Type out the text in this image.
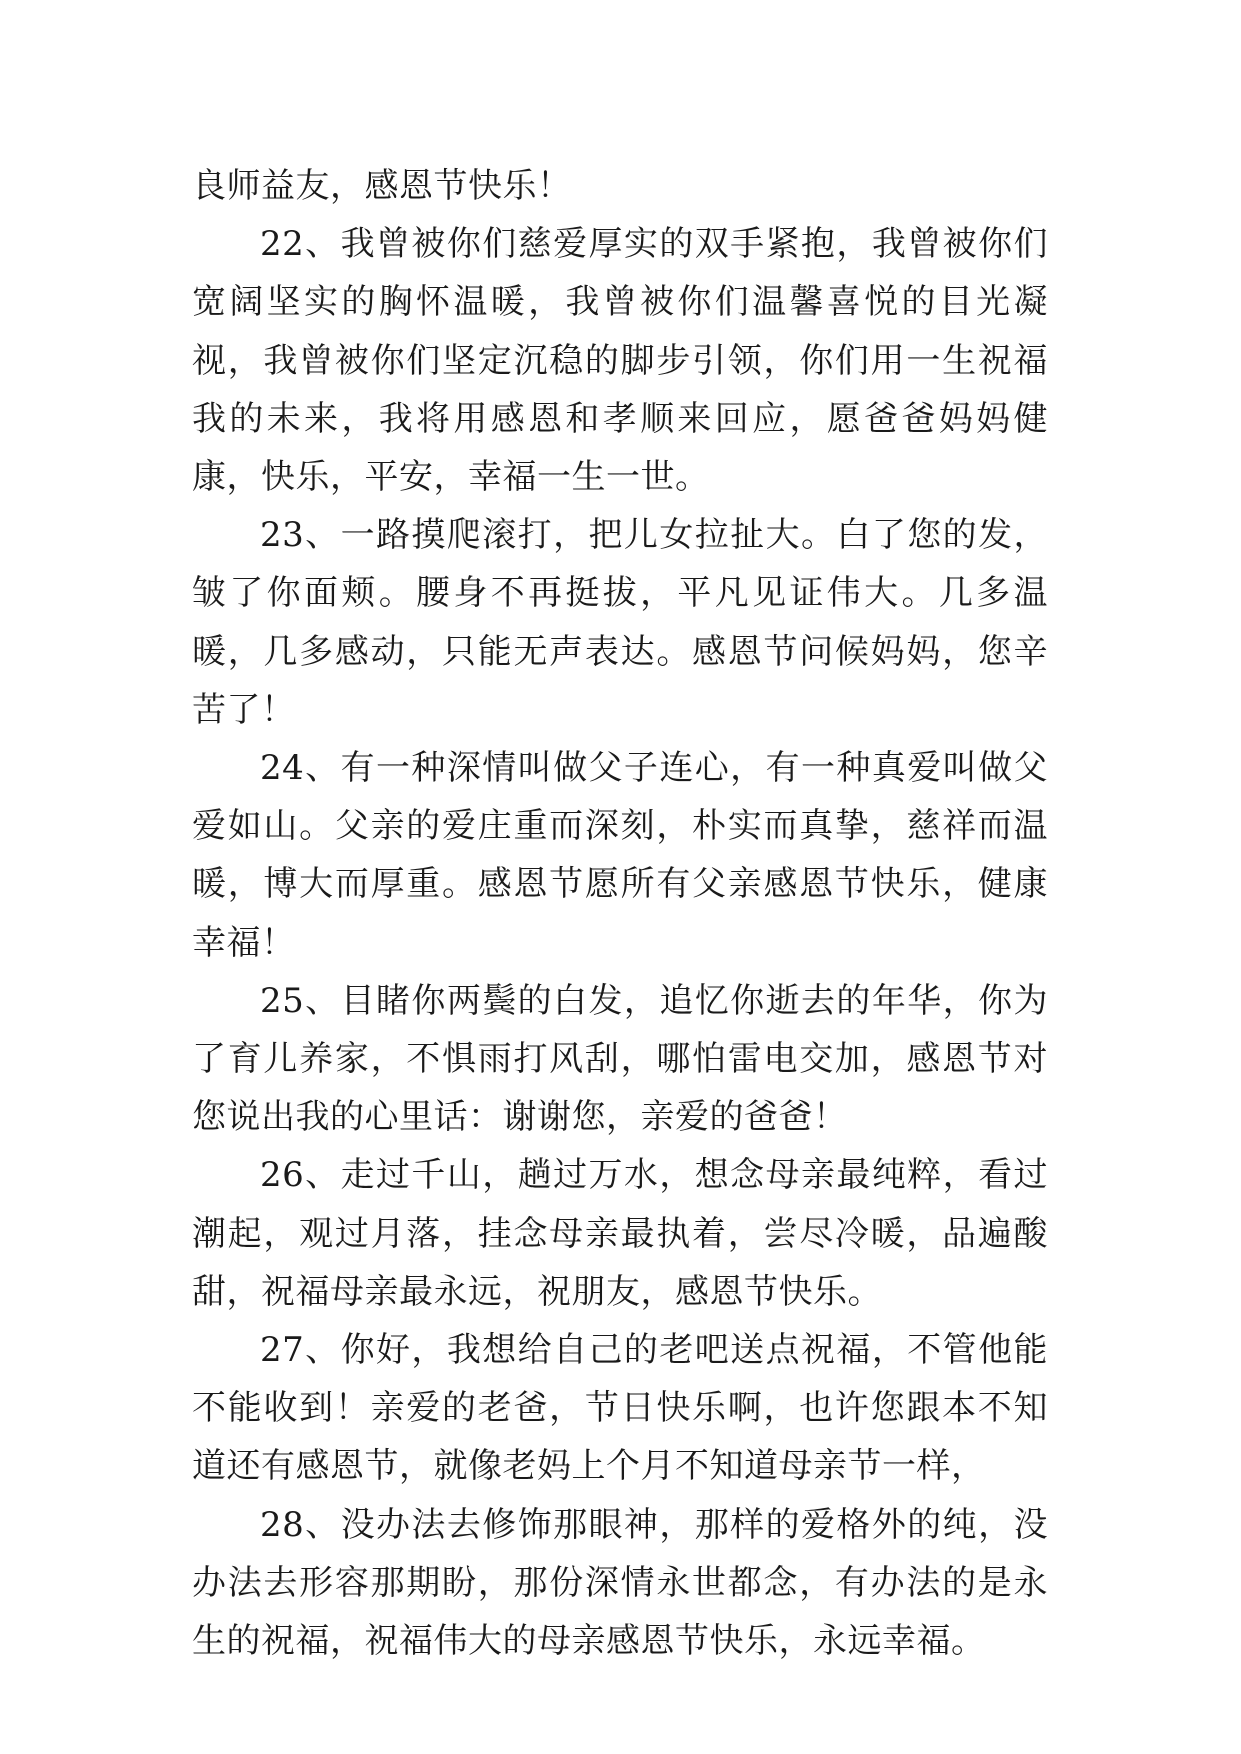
良师益友，感恩节快乐！

22、我曾被你们慈爱厚实的双手紧抱，我曾被你们宽阔坚实的胸怀温暖，我曾被你们温馨喜悦的目光凝视，我曾被你们坚定沉稳的脚步引领，你们用一生祝福我的未来，我将用感恩和孝顺来回应，愿爸爸妈妈健康，快乐，平安，幸福一生一世。

23、一路摸爬滚打，把儿女拉扯大。白了您的发，皱了你面颊。腰身不再挺拔，平凡见证伟大。几多温暖，几多感动，只能无声表达。感恩节问候妈妈，您辛苦了！

24、有一种深情叫做父子连心，有一种真爱叫做父爱如山。父亲的爱庄重而深刻，朴实而真挚，慈祥而温暖，博大而厚重。感恩节愿所有父亲感恩节快乐，健康幸福！

25、目睹你两鬓的白发，追忆你逝去的年华，你为了育儿养家，不惧雨打风刮，哪怕雷电交加，感恩节对您说出我的心里话：谢谢您，亲爱的爸爸！

26、走过千山，趟过万水，想念母亲最纯粹，看过潮起，观过月落，挂念母亲最执着，尝尽冷暖，品遍酸甜，祝福母亲最永远，祝朋友，感恩节快乐。

27、你好，我想给自己的老吧送点祝福，不管他能不能收到！亲爱的老爸，节日快乐啊，也许您跟本不知道还有感恩节，就像老妈上个月不知道母亲节一样，

28、没办法去修饰那眼神，那样的爱格外的纯，没办法去形容那期盼，那份深情永世都念，有办法的是永生的祝福，祝福伟大的母亲感恩节快乐，永远幸福。
